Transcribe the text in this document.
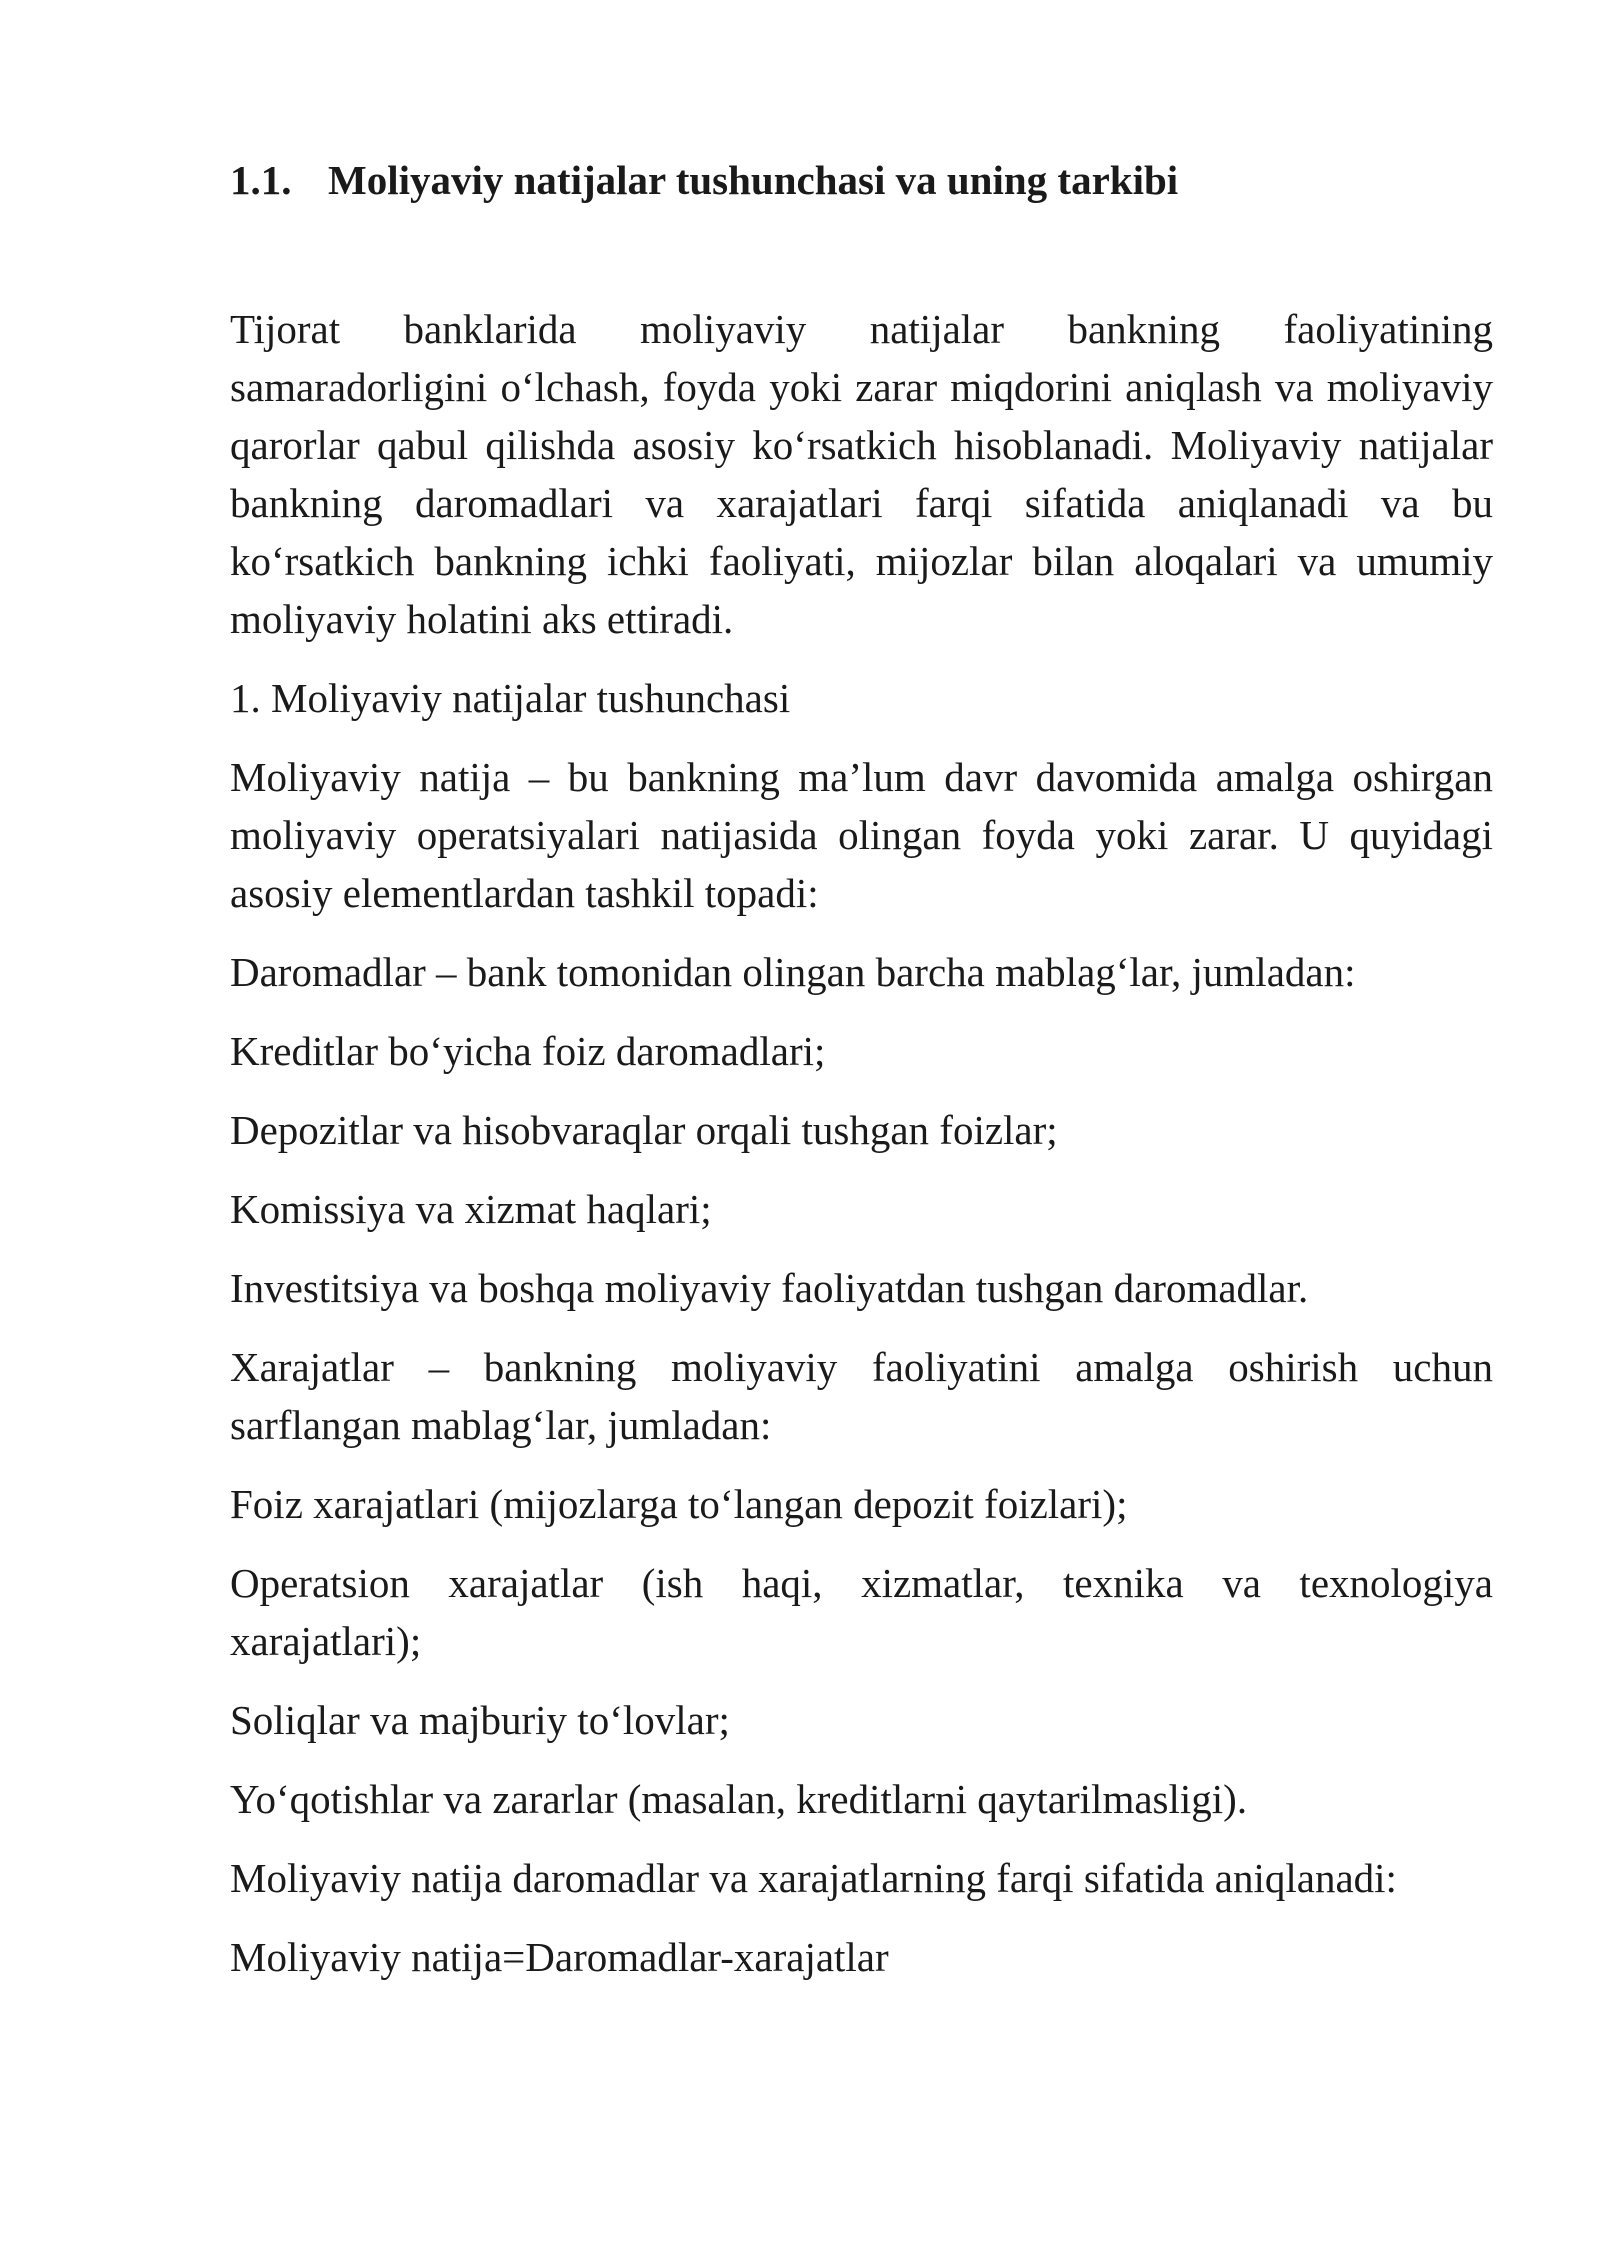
1.1. Moliyaviy natijalar tushunchasi va uning tarkibi

Tijorat banklarida moliyaviy natijalar bankning faoliyatining samaradorligini o‘lchash, foyda yoki zarar miqdorini aniqlash va moliyaviy qarorlar qabul qilishda asosiy ko‘rsatkich hisoblanadi. Moliyaviy natijalar bankning daromadlari va xarajatlari farqi sifatida aniqlanadi va bu ko‘rsatkich bankning ichki faoliyati, mijozlar bilan aloqalari va umumiy moliyaviy holatini aks ettiradi.

1. Moliyaviy natijalar tushunchasi

Moliyaviy natija – bu bankning ma’lum davr davomida amalga oshirgan moliyaviy operatsiyalari natijasida olingan foyda yoki zarar. U quyidagi asosiy elementlardan tashkil topadi:

Daromadlar – bank tomonidan olingan barcha mablag‘lar, jumladan:

Kreditlar bo‘yicha foiz daromadlari;

Depozitlar va hisobvaraqlar orqali tushgan foizlar;

Komissiya va xizmat haqlari;

Investitsiya va boshqa moliyaviy faoliyatdan tushgan daromadlar.

Xarajatlar – bankning moliyaviy faoliyatini amalga oshirish uchun sarflangan mablag‘lar, jumladan:

Foiz xarajatlari (mijozlarga to‘langan depozit foizlari);

Operatsion xarajatlar (ish haqi, xizmatlar, texnika va texnologiya xarajatlari);

Soliqlar va majburiy to‘lovlar;

Yo‘qotishlar va zararlar (masalan, kreditlarni qaytarilmasligi).

Moliyaviy natija daromadlar va xarajatlarning farqi sifatida aniqlanadi:

Moliyaviy natija=Daromadlar-xarajatlar
